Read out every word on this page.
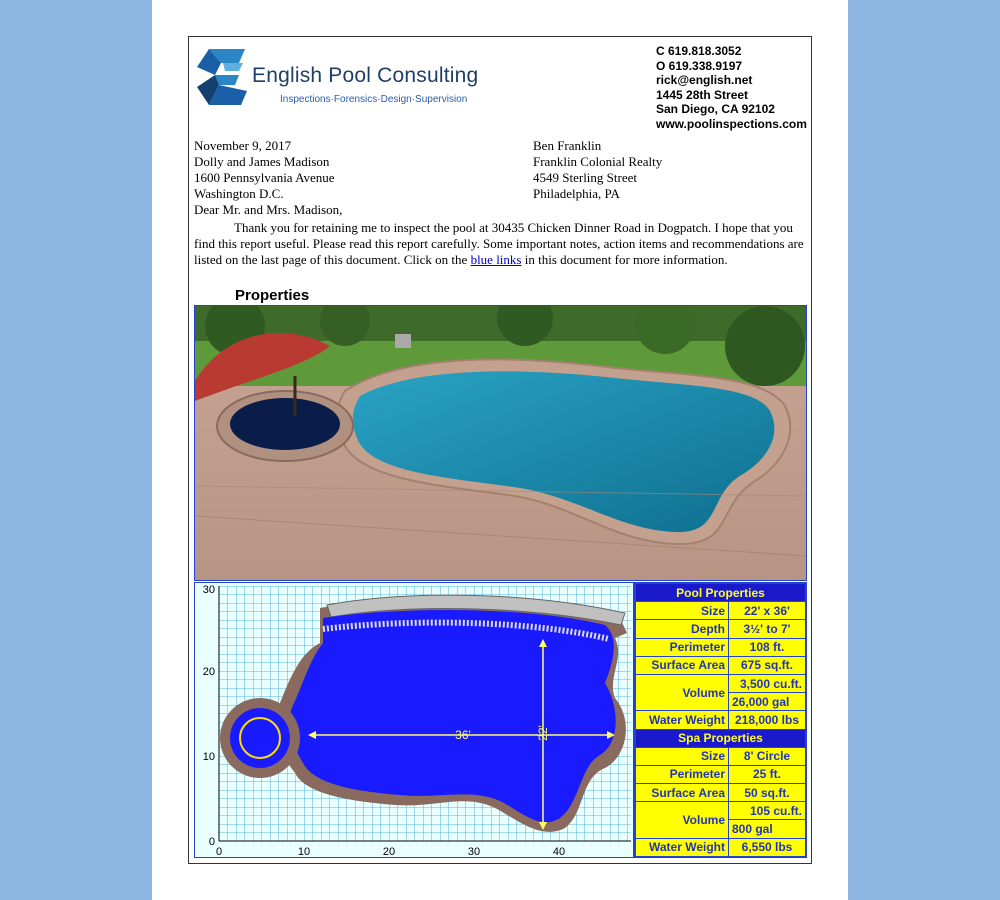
English Pool Consulting
Inspections·Forensics·Design·Supervision
C 619.818.3052
O 619.338.9197
rick@english.net
1445 28th Street
San Diego, CA 92102
www.poolinspections.com
November 9, 2017
Dolly and James Madison
1600 Pennsylvania Avenue
Washington D.C.
Dear Mr. and Mrs. Madison,
Ben Franklin
Franklin Colonial Realty
4549 Sterling Street
Philadelphia, PA
Thank you for retaining me to inspect the pool at 30435 Chicken Dinner Road in Dogpatch. I hope that you find this report useful. Please read this report carefully. Some important notes, action items and recommendations are listed on the last page of this document. Click on the blue links in this document for more information.
Properties
36'	22'
0	10	20	30	40
30
20
10
0
Pool Properties	
Size	22' x 36'
Depth	3½' to 7'
Perimeter	108 ft.
Surface Area	675 sq.ft.
Volume	3,500 cu.ft.
	26,000 gal
Water Weight	218,000 lbs
Spa Properties	
Size	8' Circle
Perimeter	25 ft.
Surface Area	50 sq.ft.
Volume	105 cu.ft.
	800 gal
Water Weight	6,550 lbs
